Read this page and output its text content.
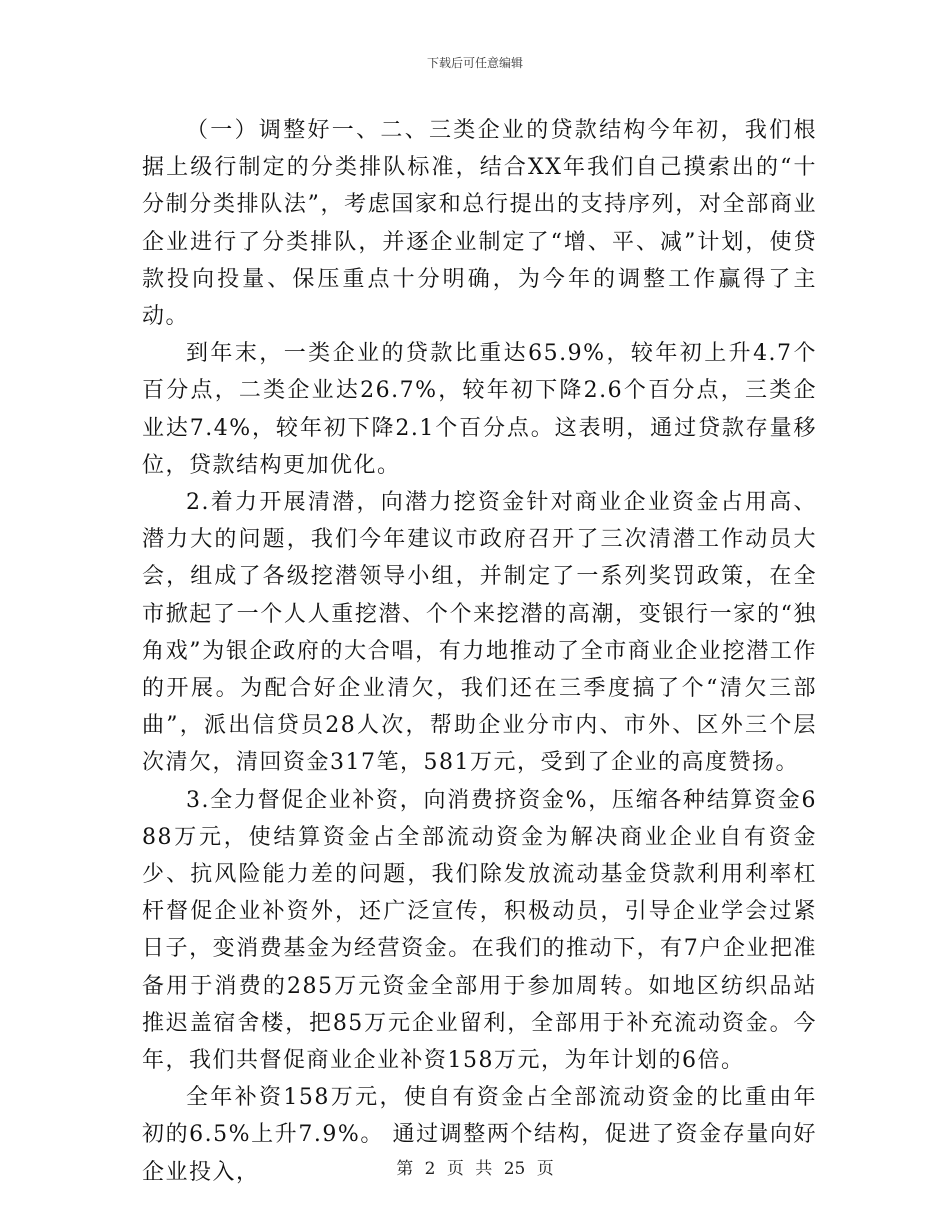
下载后可任意编辑

（一）调整好一、二、三类企业的贷款结构今年初，我们根据上级行制定的分类排队标准，结合XX年我们自己摸索出的“十分制分类排队法”，考虑国家和总行提出的支持序列，对全部商业企业进行了分类排队，并逐企业制定了“增、平、减”计划，使贷款投向投量、保压重点十分明确，为今年的调整工作赢得了主动。

到年末，一类企业的贷款比重达65.9%，较年初上升4.7个百分点，二类企业达26.7%，较年初下降2.6个百分点，三类企业达7.4%，较年初下降2.1个百分点。这表明，通过贷款存量移位，贷款结构更加优化。

2.着力开展清潜，向潜力挖资金针对商业企业资金占用高、潜力大的问题，我们今年建议市政府召开了三次清潜工作动员大会，组成了各级挖潜领导小组，并制定了一系列奖罚政策，在全市掀起了一个人人重挖潜、个个来挖潜的高潮，变银行一家的“独角戏”为银企政府的大合唱，有力地推动了全市商业企业挖潜工作的开展。为配合好企业清欠，我们还在三季度搞了个“清欠三部曲”，派出信贷员28人次，帮助企业分市内、市外、区外三个层次清欠，清回资金317笔，581万元，受到了企业的高度赞扬。

3.全力督促企业补资，向消费挤资金%，压缩各种结算资金688万元，使结算资金占全部流动资金为解决商业企业自有资金少、抗风险能力差的问题，我们除发放流动基金贷款利用利率杠杆督促企业补资外，还广泛宣传，积极动员，引导企业学会过紧日子，变消费基金为经营资金。在我们的推动下，有7户企业把准备用于消费的285万元资金全部用于参加周转。如地区纺织品站推迟盖宿舍楼，把85万元企业留利，全部用于补充流动资金。今年，我们共督促商业企业补资158万元，为年计划的6倍。

全年补资158万元，使自有资金占全部流动资金的比重由年初的6.5%上升7.9%。 通过调整两个结构，促进了资金存量向好企业投入，	第 2 页 共 25 页
